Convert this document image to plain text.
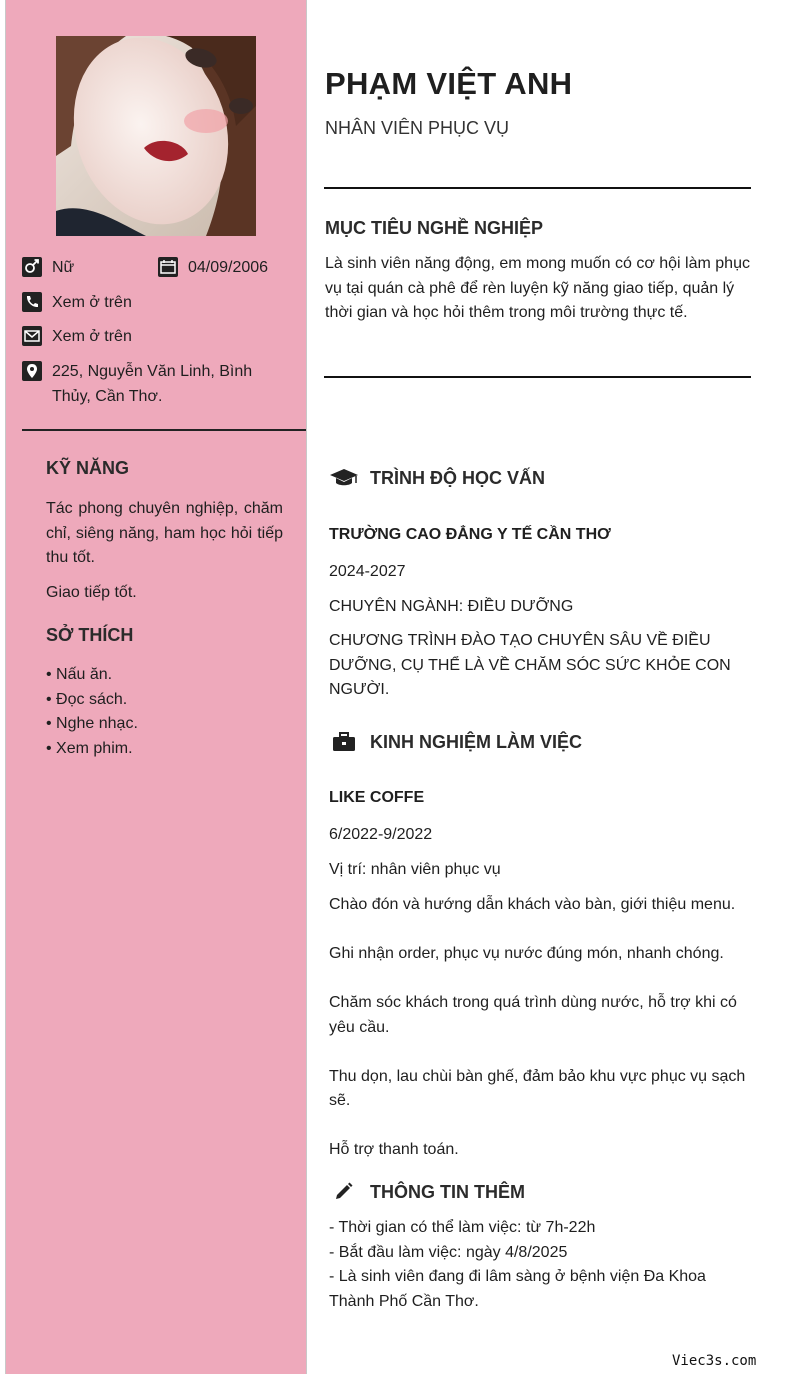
Nữ	04/09/2006
Xem ở trên
Xem ở trên
225, Nguyễn Văn Linh, Bình Thủy, Cần Thơ.
KỸ NĂNG
Tác phong chuyên nghiệp, chăm chỉ, siêng năng, ham học hỏi tiếp thu tốt.
Giao tiếp tốt.
SỞ THÍCH
• Nấu ăn.
• Đọc sách.
• Nghe nhạc.
• Xem phim.
PHẠM VIỆT ANH
NHÂN VIÊN PHỤC VỤ
MỤC TIÊU NGHỀ NGHIỆP
Là sinh viên năng động, em mong muốn có cơ hội làm phục vụ tại quán cà phê để rèn luyện kỹ năng giao tiếp, quản lý thời gian và học hỏi thêm trong môi trường thực tế.
TRÌNH ĐỘ HỌC VẤN
TRƯỜNG CAO ĐẲNG Y TẾ CẦN THƠ
2024-2027
CHUYÊN NGÀNH: ĐIỀU DƯỠNG
CHƯƠNG TRÌNH ĐÀO TẠO CHUYÊN SÂU VỀ ĐIỀU DƯỠNG, CỤ THỂ LÀ VỀ CHĂM SÓC SỨC KHỎE CON NGƯỜI.
KINH NGHIỆM LÀM VIỆC
LIKE COFFE
6/2022-9/2022
Vị trí: nhân viên phục vụ

Chào đón và hướng dẫn khách vào bàn, giới thiệu menu.

Ghi nhận order, phục vụ nước đúng món, nhanh chóng.

Chăm sóc khách trong quá trình dùng nước, hỗ trợ khi có yêu cầu.

Thu dọn, lau chùi bàn ghế, đảm bảo khu vực phục vụ sạch sẽ.

Hỗ trợ thanh toán.

THÔNG TIN THÊM
- Thời gian có thể làm việc: từ 7h-22h
- Bắt đầu làm việc: ngày 4/8/2025
- Là sinh viên đang đi lâm sàng ở bệnh viện Đa Khoa Thành Phố Cần Thơ.
Viec3s.com
